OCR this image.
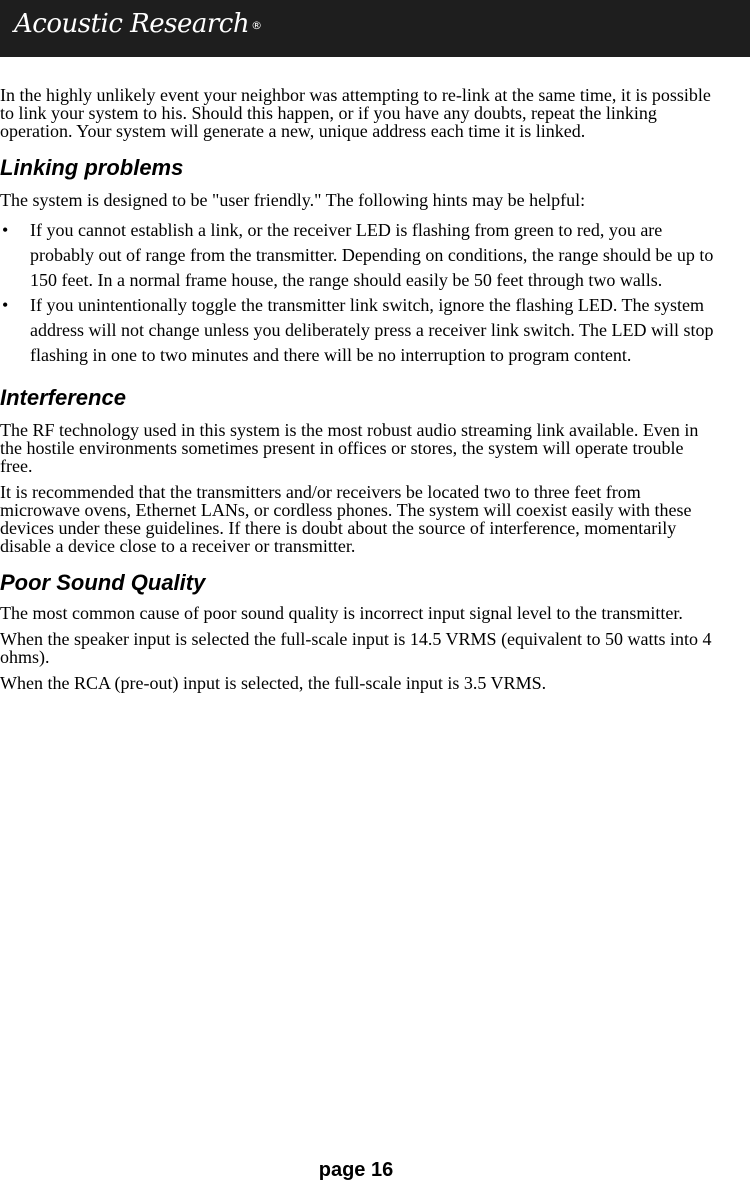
Acoustic Research ®

In the highly unlikely event your neighbor was attempting to re-link at the same time, it is possible to link your system to his. Should this happen, or if you have any doubts, repeat the linking operation. Your system will generate a new, unique address each time it is linked.

Linking problems

The system is designed to be "user friendly." The following hints may be helpful:

• If you cannot establish a link, or the receiver LED is flashing from green to red, you are probably out of range from the transmitter. Depending on conditions, the range should be up to 150 feet. In a normal frame house, the range should easily be 50 feet through two walls.
• If you unintentionally toggle the transmitter link switch, ignore the flashing LED. The system address will not change unless you deliberately press a receiver link switch. The LED will stop flashing in one to two minutes and there will be no interruption to program content.
Interference

The RF technology used in this system is the most robust audio streaming link available. Even in the hostile environments sometimes present in offices or stores, the system will operate trouble free.

It is recommended that the transmitters and/or receivers be located two to three feet from microwave ovens, Ethernet LANs, or cordless phones. The system will coexist easily with these devices under these guidelines. If there is doubt about the source of interference, momentarily disable a device close to a receiver or transmitter.

Poor Sound Quality

The most common cause of poor sound quality is incorrect input signal level to the transmitter.

When the speaker input is selected the full-scale input is 14.5 VRMS (equivalent to 50 watts into 4 ohms).

When the RCA (pre-out) input is selected, the full-scale input is 3.5 VRMS.

page 16
